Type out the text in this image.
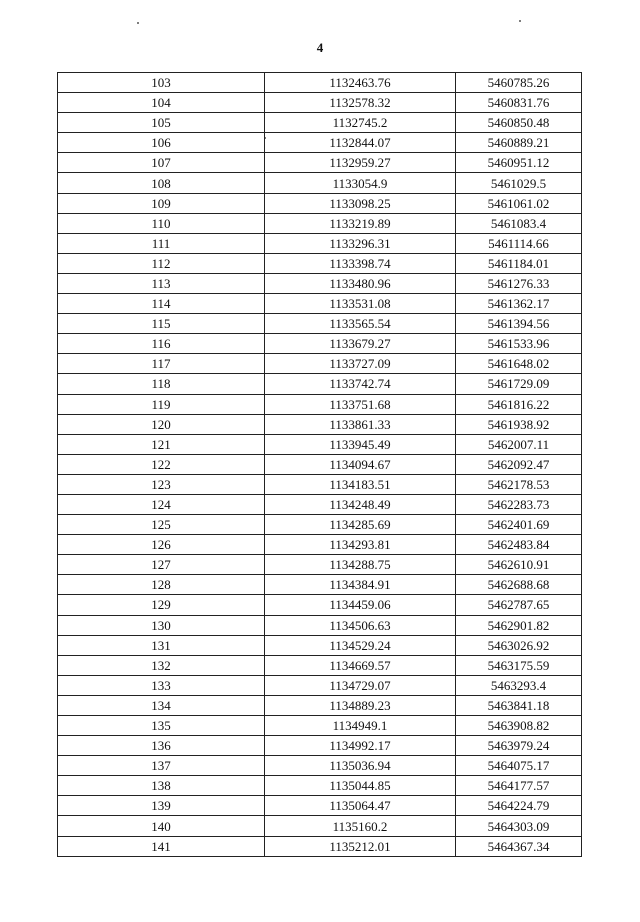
4
103	1132463.76	5460785.26
104	1132578.32	5460831.76
105	1132745.2	5460850.48
106	1132844.07	5460889.21
107	1132959.27	5460951.12
108	1133054.9	5461029.5
109	1133098.25	5461061.02
110	1133219.89	5461083.4
111	1133296.31	5461114.66
112	1133398.74	5461184.01
113	1133480.96	5461276.33
114	1133531.08	5461362.17
115	1133565.54	5461394.56
116	1133679.27	5461533.96
117	1133727.09	5461648.02
118	1133742.74	5461729.09
119	1133751.68	5461816.22
120	1133861.33	5461938.92
121	1133945.49	5462007.11
122	1134094.67	5462092.47
123	1134183.51	5462178.53
124	1134248.49	5462283.73
125	1134285.69	5462401.69
126	1134293.81	5462483.84
127	1134288.75	5462610.91
128	1134384.91	5462688.68
129	1134459.06	5462787.65
130	1134506.63	5462901.82
131	1134529.24	5463026.92
132	1134669.57	5463175.59
133	1134729.07	5463293.4
134	1134889.23	5463841.18
135	1134949.1	5463908.82
136	1134992.17	5463979.24
137	1135036.94	5464075.17
138	1135044.85	5464177.57
139	1135064.47	5464224.79
140	1135160.2	5464303.09
141	1135212.01	5464367.34
